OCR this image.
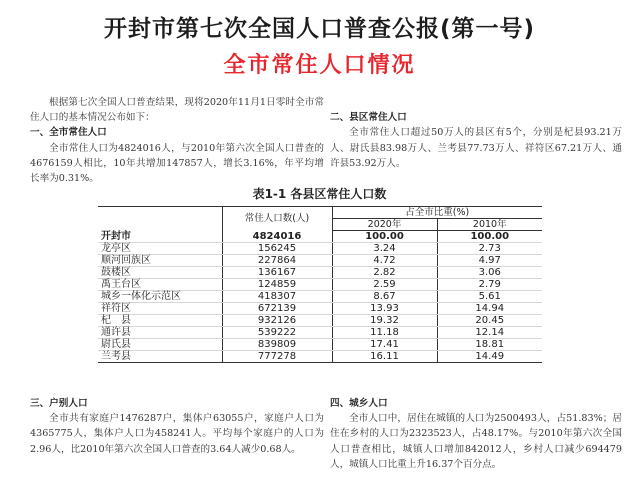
开封市第七次全国人口普查公报(第一号)
全市常住人口情况

根据第七次全国人口普查结果，现将2020年11月1日零时全市常住人口的基本情况公布如下：

一、全市常住人口

全市常住人口为4824016人，与2010年第六次全国人口普查的4676159人相比，10年共增加147857人，增长3.16%，年平均增长率为0.31%。

二、县区常住人口

全市常住人口超过50万人的县区有5个，分别是杞县93.21万人、尉氏县83.98万人、兰考县77.73万人、祥符区67.21万人、通许县53.92万人。

表1-1 各县区常住人口数
	常住人口数(人)	占全市比重(%)	
		2020年	2010年
开封市	4824016	100.00	100.00
龙亭区	156245	3.24	2.73
顺河回族区	227864	4.72	4.97
鼓楼区	136167	2.82	3.06
禹王台区	124859	2.59	2.79
城乡一体化示范区	418307	8.67	5.61
祥符区	672139	13.93	14.94
杞　县	932126	19.32	20.45
通许县	539222	11.18	12.14
尉氏县	839809	17.41	18.81
兰考县	777278	16.11	14.49

三、户别人口

全市共有家庭户1476287户，集体户63055户，家庭户人口为4365775人，集体户人口为458241人。平均每个家庭户的人口为2.96人，比2010年第六次全国人口普查的3.64人减少0.68人。

四、城乡人口

全市人口中，居住在城镇的人口为2500493人，占51.83%；居住在乡村的人口为2323523人，占48.17%。与2010年第六次全国人口普查相比，城镇人口增加842012人，乡村人口减少694479人，城镇人口比重上升16.37个百分点。
